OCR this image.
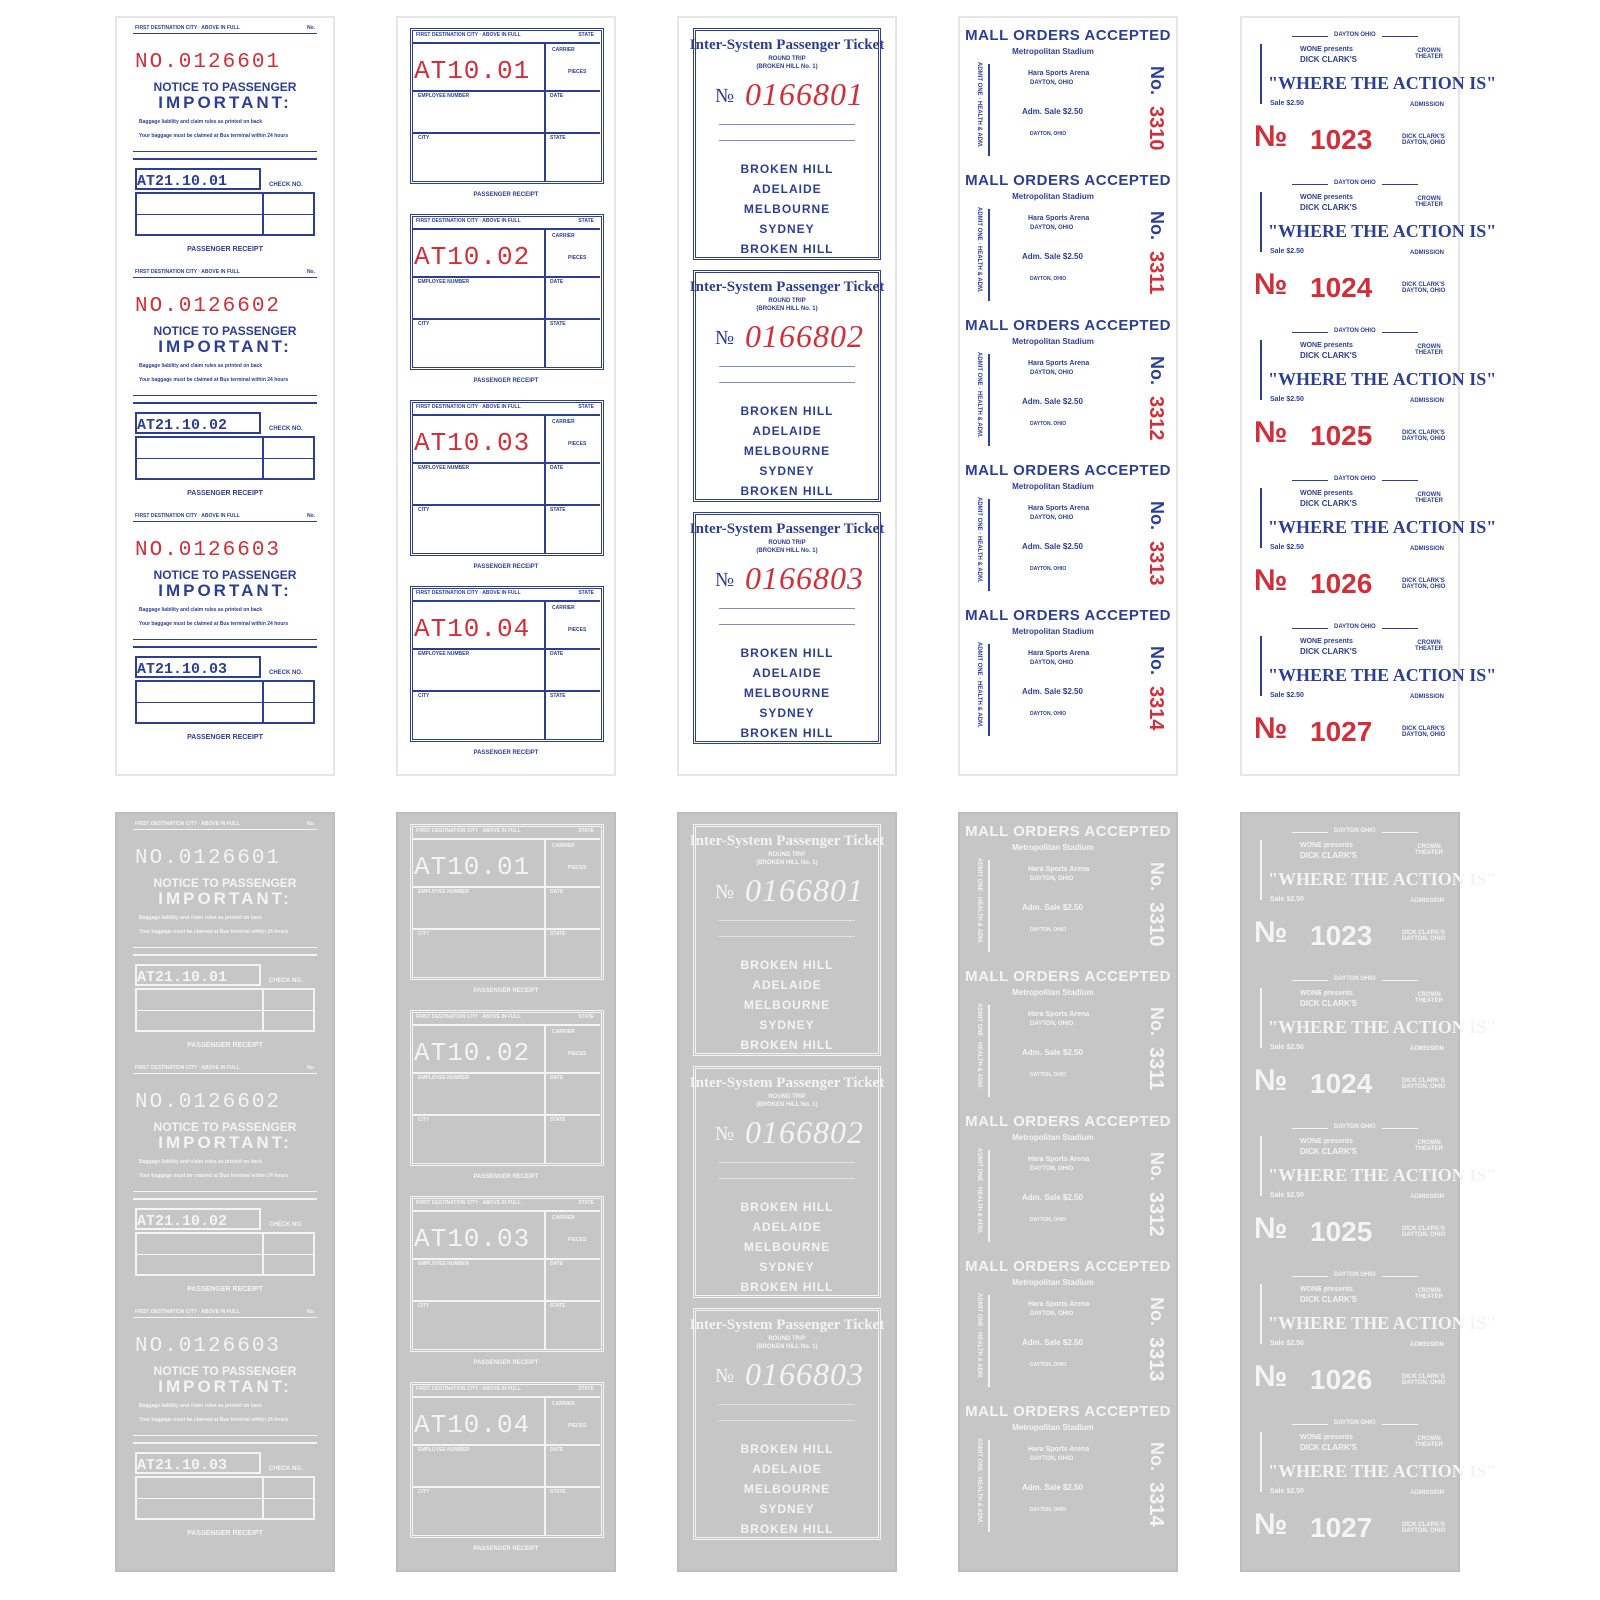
FIRST DESTINATION CITY · ABOVE IN FULL	No.
NO.0126601
NOTICE TO PASSENGER
IMPORTANT:
Baggage liability and claim rules as printed on back
Your baggage must be claimed at Bus terminal within 24 hours
AT21.10.01	CHECK NO.
PASSENGER RECEIPT
FIRST DESTINATION CITY · ABOVE IN FULL	No.
NO.0126602
NOTICE TO PASSENGER
IMPORTANT:
Baggage liability and claim rules as printed on back
Your baggage must be claimed at Bus terminal within 24 hours
AT21.10.02	CHECK NO.
PASSENGER RECEIPT
FIRST DESTINATION CITY · ABOVE IN FULL	No.
NO.0126603
NOTICE TO PASSENGER
IMPORTANT:
Baggage liability and claim rules as printed on back
Your baggage must be claimed at Bus terminal within 24 hours
AT21.10.03	CHECK NO.
PASSENGER RECEIPT
FIRST DESTINATION CITY · ABOVE IN FULL	STATE
AT10.01
CARRIER
PIECES
EMPLOYEE NUMBER	DATE
CITY	STATE
PASSENGER RECEIPT
FIRST DESTINATION CITY · ABOVE IN FULL	STATE
AT10.02
CARRIER
PIECES
EMPLOYEE NUMBER	DATE
CITY	STATE
PASSENGER RECEIPT
FIRST DESTINATION CITY · ABOVE IN FULL	STATE
AT10.03
CARRIER
PIECES
EMPLOYEE NUMBER	DATE
CITY	STATE
PASSENGER RECEIPT
FIRST DESTINATION CITY · ABOVE IN FULL	STATE
AT10.04
CARRIER
PIECES
EMPLOYEE NUMBER	DATE
CITY	STATE
PASSENGER RECEIPT
Inter-System Passenger Ticket
ROUND TRIP
(BROKEN HILL No. 1)
№ 0166801
BROKEN HILL
ADELAIDE
MELBOURNE
SYDNEY
BROKEN HILL
Inter-System Passenger Ticket
ROUND TRIP
(BROKEN HILL No. 1)
№ 0166802
BROKEN HILL
ADELAIDE
MELBOURNE
SYDNEY
BROKEN HILL
Inter-System Passenger Ticket
ROUND TRIP
(BROKEN HILL No. 1)
№ 0166803
BROKEN HILL
ADELAIDE
MELBOURNE
SYDNEY
BROKEN HILL
MALL ORDERS ACCEPTED
Metropolitan Stadium
ADMIT ONE · HEALTH & ADM.	Hara Sports Arena
DAYTON, OHIO
Adm. Sale $2.50
DAYTON, OHIO	3310
No.
MALL ORDERS ACCEPTED
Metropolitan Stadium
ADMIT ONE · HEALTH & ADM.	Hara Sports Arena
DAYTON, OHIO
Adm. Sale $2.50
DAYTON, OHIO	3311
No.
MALL ORDERS ACCEPTED
Metropolitan Stadium
ADMIT ONE · HEALTH & ADM.	Hara Sports Arena
DAYTON, OHIO
Adm. Sale $2.50
DAYTON, OHIO	3312
No.
MALL ORDERS ACCEPTED
Metropolitan Stadium
ADMIT ONE · HEALTH & ADM.	Hara Sports Arena
DAYTON, OHIO
Adm. Sale $2.50
DAYTON, OHIO	3313
No.
MALL ORDERS ACCEPTED
Metropolitan Stadium
ADMIT ONE · HEALTH & ADM.	Hara Sports Arena
DAYTON, OHIO
Adm. Sale $2.50
DAYTON, OHIO	3314
No.
DAYTON OHIO
WONE presents
DICK CLARK'S
CROWN THEATER
"WHERE THE ACTION IS"
Sale $2.50	ADMISSION
№ 1023	DICK CLARK'S DAYTON, OHIO
DAYTON OHIO
WONE presents
DICK CLARK'S
CROWN THEATER
"WHERE THE ACTION IS"
Sale $2.50	ADMISSION
№ 1024	DICK CLARK'S DAYTON, OHIO
DAYTON OHIO
WONE presents
DICK CLARK'S
CROWN THEATER
"WHERE THE ACTION IS"
Sale $2.50	ADMISSION
№ 1025	DICK CLARK'S DAYTON, OHIO
DAYTON OHIO
WONE presents
DICK CLARK'S
CROWN THEATER
"WHERE THE ACTION IS"
Sale $2.50	ADMISSION
№ 1026	DICK CLARK'S DAYTON, OHIO
DAYTON OHIO
WONE presents
DICK CLARK'S
CROWN THEATER
"WHERE THE ACTION IS"
Sale $2.50	ADMISSION
№ 1027	DICK CLARK'S DAYTON, OHIO
FIRST DESTINATION CITY · ABOVE IN FULL	No.
NO.0126601
NOTICE TO PASSENGER
IMPORTANT:
Baggage liability and claim rules as printed on back
Your baggage must be claimed at Bus terminal within 24 hours
AT21.10.01	CHECK NO.
PASSENGER RECEIPT
FIRST DESTINATION CITY · ABOVE IN FULL	No.
NO.0126602
NOTICE TO PASSENGER
IMPORTANT:
Baggage liability and claim rules as printed on back
Your baggage must be claimed at Bus terminal within 24 hours
AT21.10.02	CHECK NO.
PASSENGER RECEIPT
FIRST DESTINATION CITY · ABOVE IN FULL	No.
NO.0126603
NOTICE TO PASSENGER
IMPORTANT:
Baggage liability and claim rules as printed on back
Your baggage must be claimed at Bus terminal within 24 hours
AT21.10.03	CHECK NO.
PASSENGER RECEIPT
FIRST DESTINATION CITY · ABOVE IN FULL	STATE
AT10.01
CARRIER
PIECES
EMPLOYEE NUMBER	DATE
CITY	STATE
PASSENGER RECEIPT
FIRST DESTINATION CITY · ABOVE IN FULL	STATE
AT10.02
CARRIER
PIECES
EMPLOYEE NUMBER	DATE
CITY	STATE
PASSENGER RECEIPT
FIRST DESTINATION CITY · ABOVE IN FULL	STATE
AT10.03
CARRIER
PIECES
EMPLOYEE NUMBER	DATE
CITY	STATE
PASSENGER RECEIPT
FIRST DESTINATION CITY · ABOVE IN FULL	STATE
AT10.04
CARRIER
PIECES
EMPLOYEE NUMBER	DATE
CITY	STATE
PASSENGER RECEIPT
Inter-System Passenger Ticket
ROUND TRIP
(BROKEN HILL No. 1)
№ 0166801
BROKEN HILL
ADELAIDE
MELBOURNE
SYDNEY
BROKEN HILL
Inter-System Passenger Ticket
ROUND TRIP
(BROKEN HILL No. 1)
№ 0166802
BROKEN HILL
ADELAIDE
MELBOURNE
SYDNEY
BROKEN HILL
Inter-System Passenger Ticket
ROUND TRIP
(BROKEN HILL No. 1)
№ 0166803
BROKEN HILL
ADELAIDE
MELBOURNE
SYDNEY
BROKEN HILL
MALL ORDERS ACCEPTED
Metropolitan Stadium
ADMIT ONE · HEALTH & ADM.	Hara Sports Arena
DAYTON, OHIO
Adm. Sale $2.50
DAYTON, OHIO	3310
No.
MALL ORDERS ACCEPTED
Metropolitan Stadium
ADMIT ONE · HEALTH & ADM.	Hara Sports Arena
DAYTON, OHIO
Adm. Sale $2.50
DAYTON, OHIO	3311
No.
MALL ORDERS ACCEPTED
Metropolitan Stadium
ADMIT ONE · HEALTH & ADM.	Hara Sports Arena
DAYTON, OHIO
Adm. Sale $2.50
DAYTON, OHIO	3312
No.
MALL ORDERS ACCEPTED
Metropolitan Stadium
ADMIT ONE · HEALTH & ADM.	Hara Sports Arena
DAYTON, OHIO
Adm. Sale $2.50
DAYTON, OHIO	3313
No.
MALL ORDERS ACCEPTED
Metropolitan Stadium
ADMIT ONE · HEALTH & ADM.	Hara Sports Arena
DAYTON, OHIO
Adm. Sale $2.50
DAYTON, OHIO	3314
No.
DAYTON OHIO
WONE presents
DICK CLARK'S
CROWN THEATER
"WHERE THE ACTION IS"
Sale $2.50	ADMISSION
№ 1023	DICK CLARK'S DAYTON, OHIO
DAYTON OHIO
WONE presents
DICK CLARK'S
CROWN THEATER
"WHERE THE ACTION IS"
Sale $2.50	ADMISSION
№ 1024	DICK CLARK'S DAYTON, OHIO
DAYTON OHIO
WONE presents
DICK CLARK'S
CROWN THEATER
"WHERE THE ACTION IS"
Sale $2.50	ADMISSION
№ 1025	DICK CLARK'S DAYTON, OHIO
DAYTON OHIO
WONE presents
DICK CLARK'S
CROWN THEATER
"WHERE THE ACTION IS"
Sale $2.50	ADMISSION
№ 1026	DICK CLARK'S DAYTON, OHIO
DAYTON OHIO
WONE presents
DICK CLARK'S
CROWN THEATER
"WHERE THE ACTION IS"
Sale $2.50	ADMISSION
№ 1027	DICK CLARK'S DAYTON, OHIO
